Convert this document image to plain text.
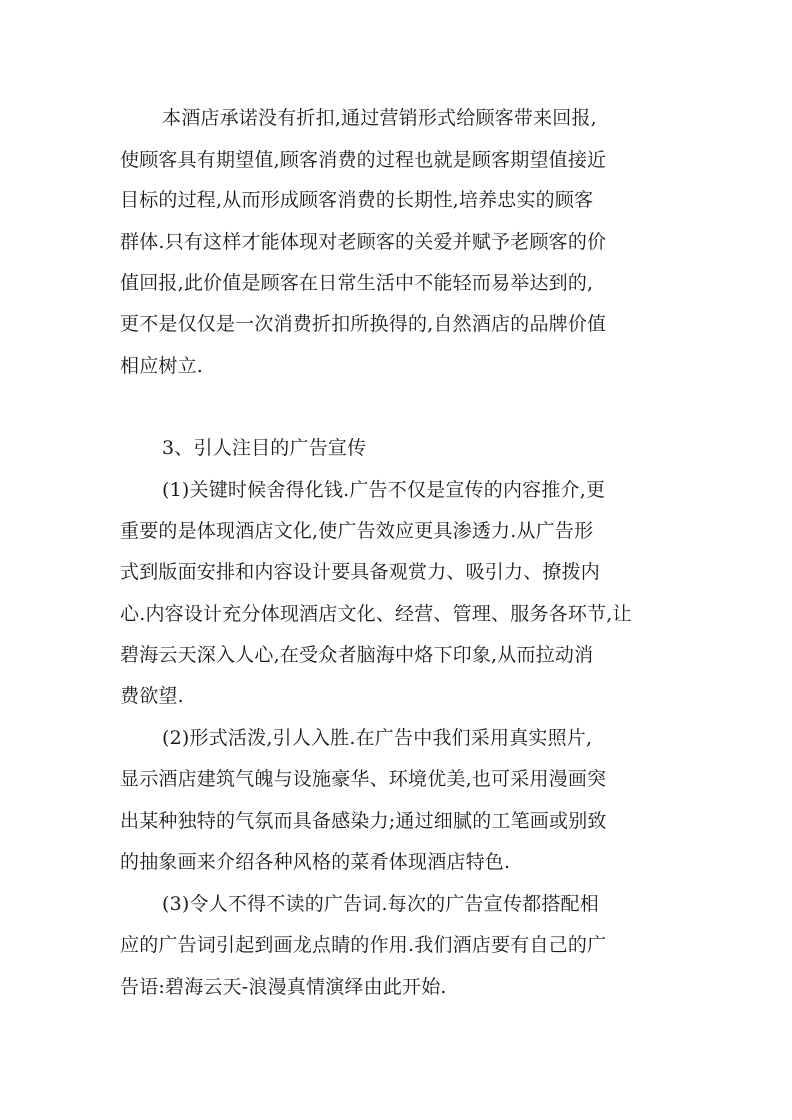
本酒店承诺没有折扣,通过营销形式给顾客带来回报,
使顾客具有期望值,顾客消费的过程也就是顾客期望值接近
目标的过程,从而形成顾客消费的长期性,培养忠实的顾客
群体.只有这样才能体现对老顾客的关爱并赋予老顾客的价
值回报,此价值是顾客在日常生活中不能轻而易举达到的,
更不是仅仅是一次消费折扣所换得的,自然酒店的品牌价值
相应树立.
3、引人注目的广告宣传
(1)关键时候舍得化钱.广告不仅是宣传的内容推介,更
重要的是体现酒店文化,使广告效应更具渗透力.从广告形
式到版面安排和内容设计要具备观赏力、吸引力、撩拨内
心.内容设计充分体现酒店文化、经营、管理、服务各环节,让
碧海云天深入人心,在受众者脑海中烙下印象,从而拉动消
费欲望.
(2)形式活泼,引人入胜.在广告中我们采用真实照片,
显示酒店建筑气魄与设施豪华、环境优美,也可采用漫画突
出某种独特的气氛而具备感染力;通过细腻的工笔画或别致
的抽象画来介绍各种风格的菜肴体现酒店特色.
(3)令人不得不读的广告词.每次的广告宣传都搭配相
应的广告词引起到画龙点睛的作用.我们酒店要有自己的广
告语:碧海云天-浪漫真情演绎由此开始.
